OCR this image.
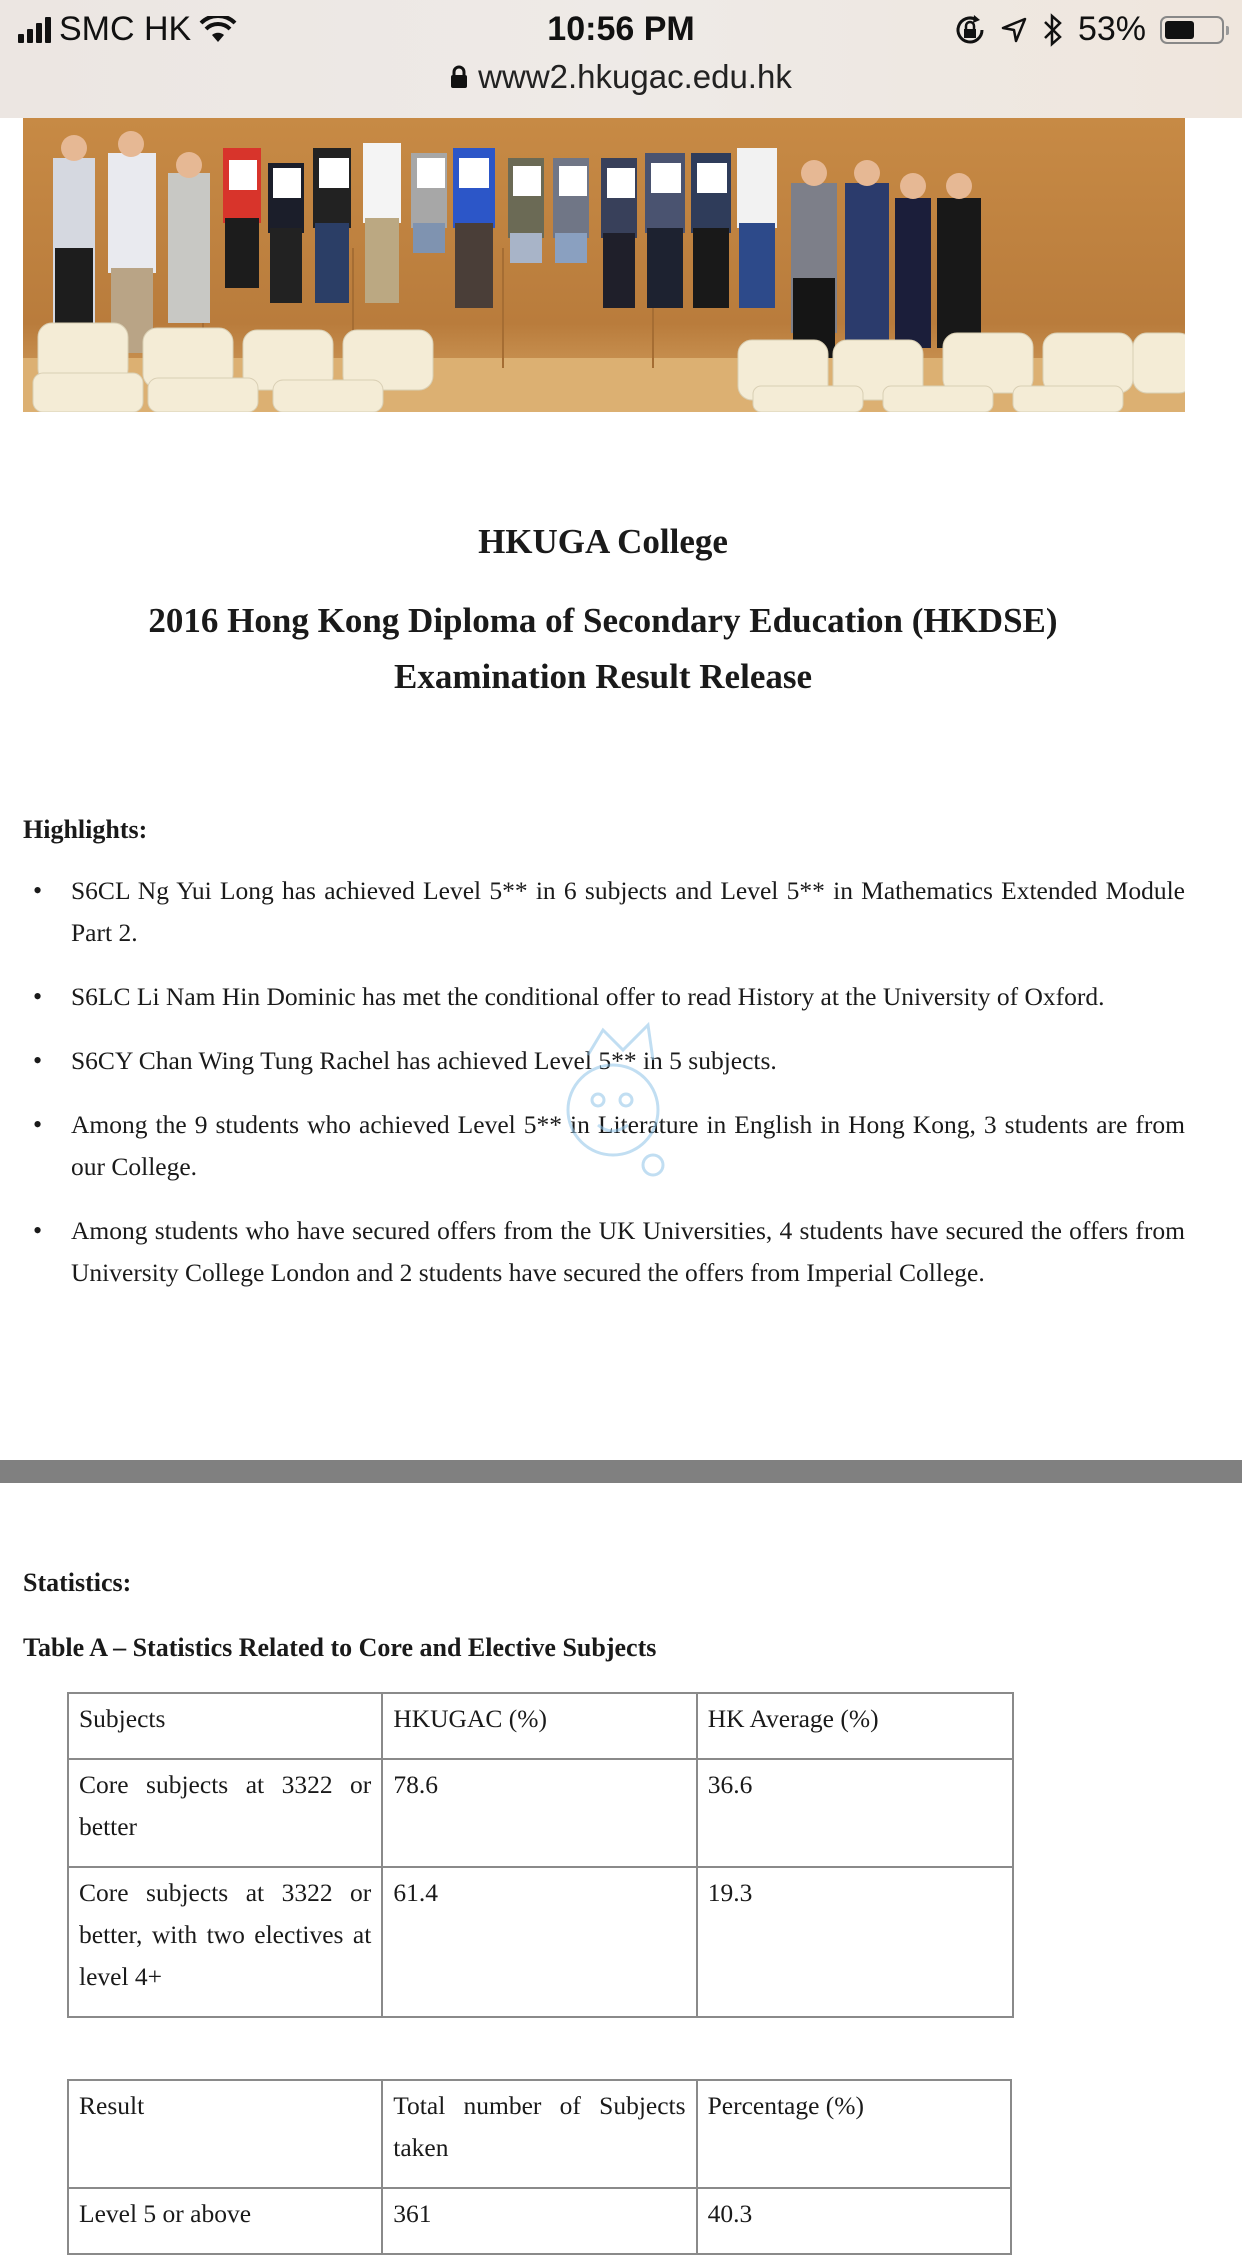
SMC HK	10:56 PM	53%
www2.hkugac.edu.hk
HKUGA College
2016 Hong Kong Diploma of Secondary Education (HKDSE)
Examination Result Release
Highlights:
• S6CL Ng Yui Long has achieved Level 5** in 6 subjects and Level 5** in Mathematics Extended Module Part 2.
• S6LC Li Nam Hin Dominic has met the conditional offer to read History at the University of Oxford.
• S6CY Chan Wing Tung Rachel has achieved Level 5** in 5 subjects.
• Among the 9 students who achieved Level 5** in Literature in English in Hong Kong, 3 students are from our College.
• Among students who have secured offers from the UK Universities, 4 students have secured the offers from University College London and 2 students have secured the offers from Imperial College.
Statistics:
Table A – Statistics Related to Core and Elective Subjects
Subjects	HKUGAC (%)	HK Average (%)
Core subjects at 3322 or better	78.6	36.6
Core subjects at 3322 or better, with two electives at level 4+	61.4	19.3
Result	Total number of Subjects taken	Percentage (%)
Level 5 or above	361	40.3
